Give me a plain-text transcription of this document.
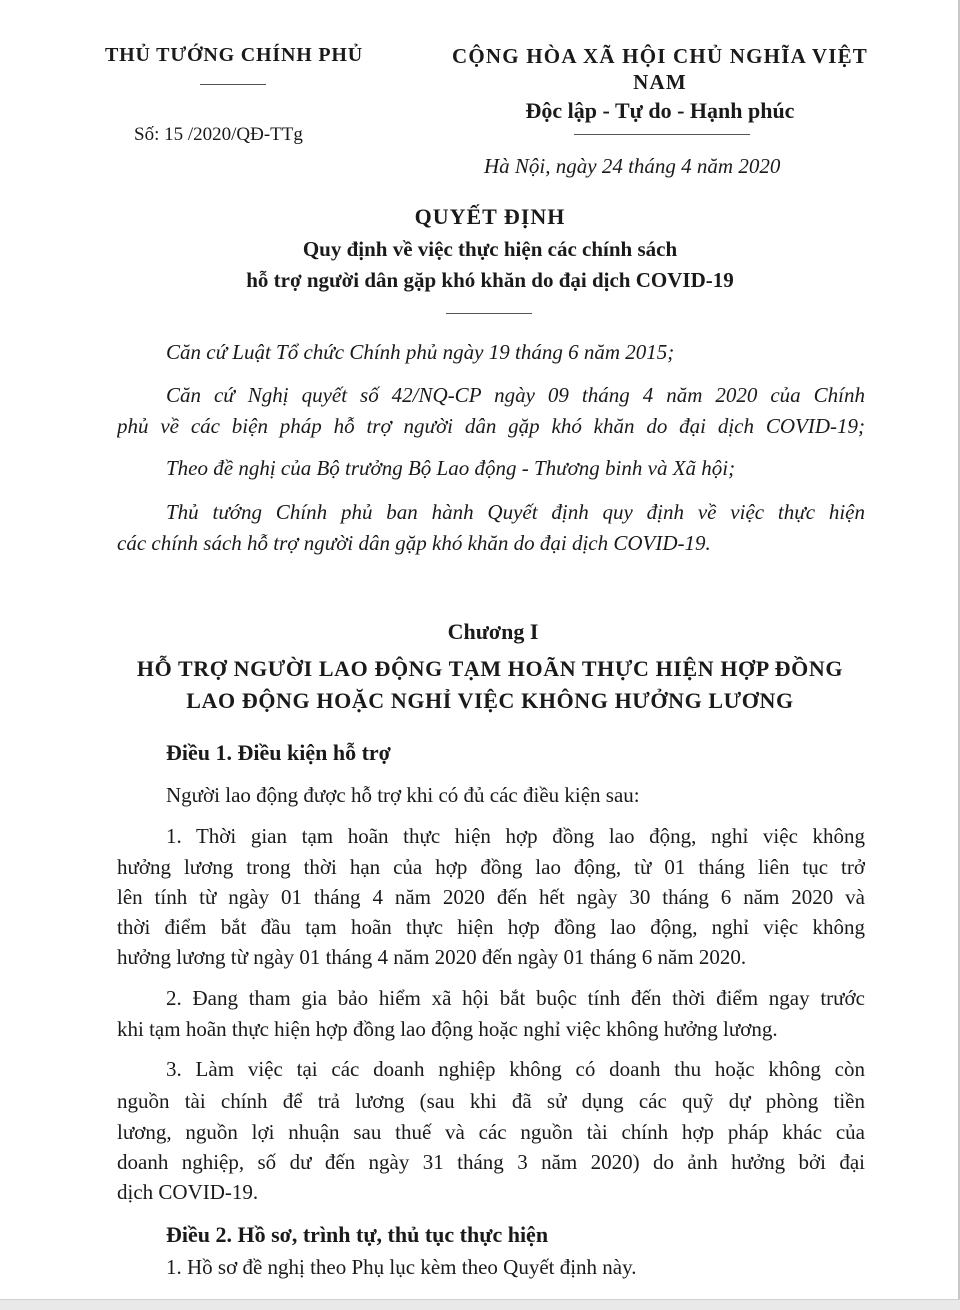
THỦ TƯỚNG CHÍNH PHỦ
Số: 15 /2020/QĐ-TTg
CỘNG HÒA XÃ HỘI CHỦ NGHĨA VIỆT
NAM
Độc lập - Tự do - Hạnh phúc
Hà Nội, ngày 24 tháng 4 năm 2020
QUYẾT ĐỊNH
Quy định về việc thực hiện các chính sách
hỗ trợ người dân gặp khó khăn do đại dịch COVID-19
Căn cứ Luật Tổ chức Chính phủ ngày 19 tháng 6 năm 2015;
Căn cứ Nghị quyết số 42/NQ-CP ngày 09 tháng 4 năm 2020 của Chính
phủ về các biện pháp hỗ trợ người dân gặp khó khăn do đại dịch COVID-19;
Theo đề nghị của Bộ trưởng Bộ Lao động - Thương binh và Xã hội;
Thủ tướng Chính phủ ban hành Quyết định quy định về việc thực hiện
các chính sách hỗ trợ người dân gặp khó khăn do đại dịch COVID-19.
Chương I
HỖ TRỢ NGƯỜI LAO ĐỘNG TẠM HOÃN THỰC HIỆN HỢP ĐỒNG
LAO ĐỘNG HOẶC NGHỈ VIỆC KHÔNG HƯỞNG LƯƠNG
Điều 1. Điều kiện hỗ trợ
Người lao động được hỗ trợ khi có đủ các điều kiện sau:
1. Thời gian tạm hoãn thực hiện hợp đồng lao động, nghỉ việc không
hưởng lương trong thời hạn của hợp đồng lao động, từ 01 tháng liên tục trở
lên tính từ ngày 01 tháng 4 năm 2020 đến hết ngày 30 tháng 6 năm 2020 và
thời điểm bắt đầu tạm hoãn thực hiện hợp đồng lao động, nghỉ việc không
hưởng lương từ ngày 01 tháng 4 năm 2020 đến ngày 01 tháng 6 năm 2020.
2. Đang tham gia bảo hiểm xã hội bắt buộc tính đến thời điểm ngay trước
khi tạm hoãn thực hiện hợp đồng lao động hoặc nghỉ việc không hưởng lương.
3. Làm việc tại các doanh nghiệp không có doanh thu hoặc không còn
nguồn tài chính để trả lương (sau khi đã sử dụng các quỹ dự phòng tiền
lương, nguồn lợi nhuận sau thuế và các nguồn tài chính hợp pháp khác của
doanh nghiệp, số dư đến ngày 31 tháng 3 năm 2020) do ảnh hưởng bởi đại
dịch COVID-19.
Điều 2. Hồ sơ, trình tự, thủ tục thực hiện
1. Hồ sơ đề nghị theo Phụ lục kèm theo Quyết định này.
